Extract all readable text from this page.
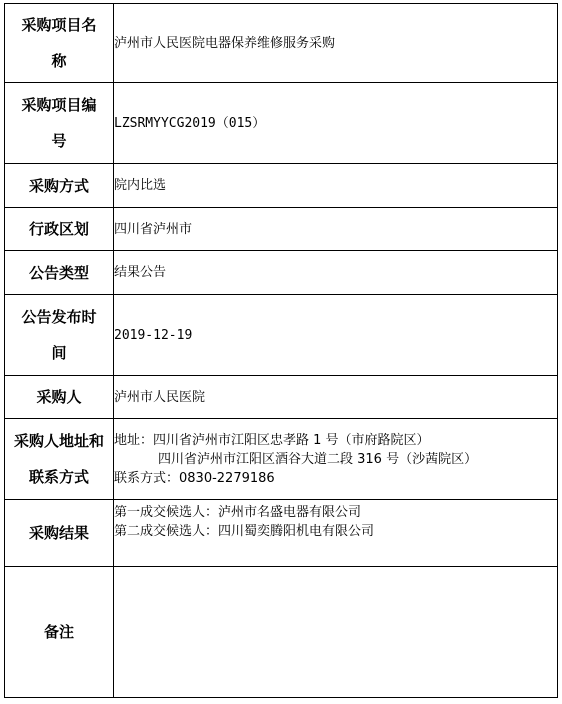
采购项目名称	泸州市人民医院电器保养维修服务采购
采购项目编号	LZSRMYYCG2019（015）
采购方式	院内比选
行政区划	四川省泸州市
公告类型	结果公告
公告发布时间	2019-12-19
采购人	泸州市人民医院
采购人地址和联系方式	地址：四川省泸州市江阳区忠孝路 1 号（市府路院区）
四川省泸州市江阳区酒谷大道二段 316 号（沙茜院区）
联系方式：0830-2279186

采购结果	第一成交候选人：泸州市名盛电器有限公司
第二成交候选人：四川蜀奕腾阳机电有限公司

备注	
